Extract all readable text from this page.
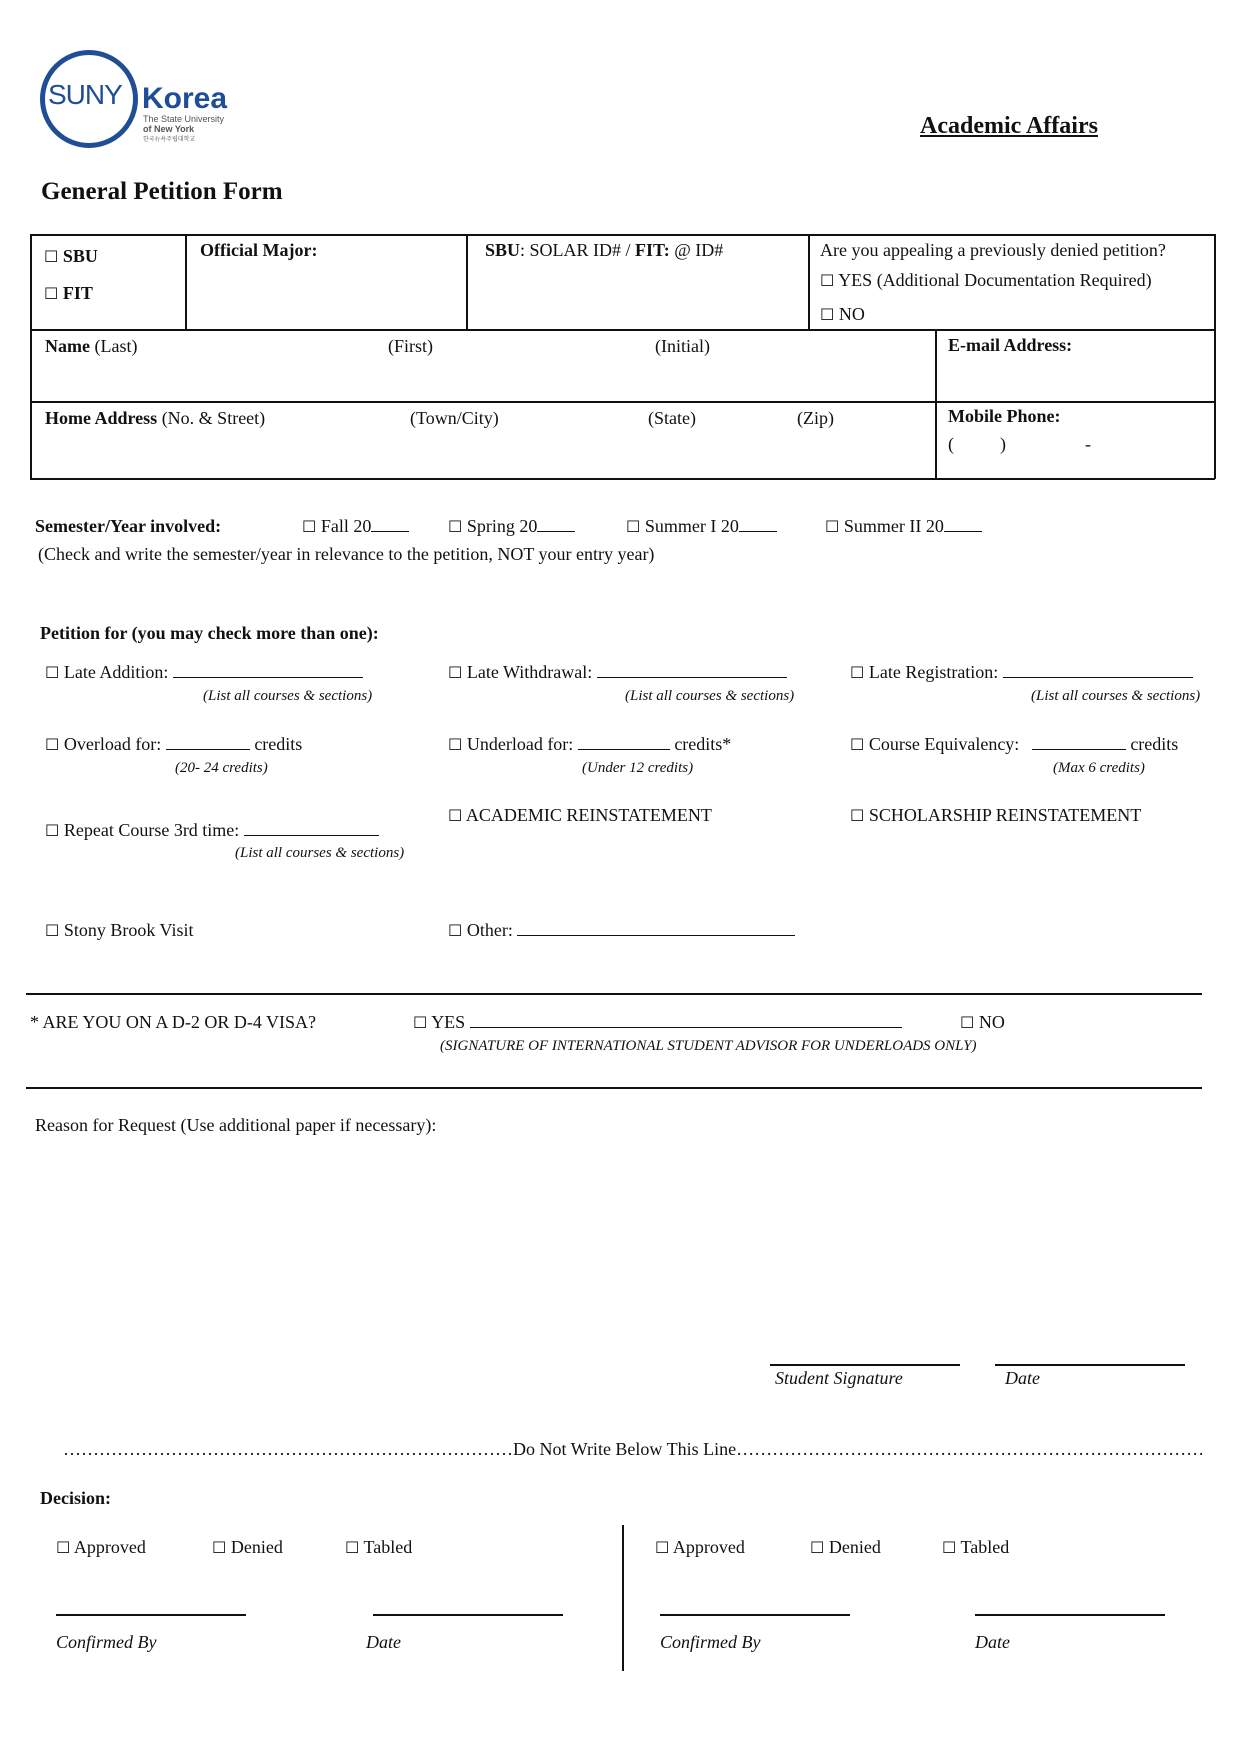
SUNY Korea
The State University
of New York
한국뉴욕주립대학교
Academic Affairs
General Petition Form
☐ SBU
☐ FIT
Official Major:	SBU: SOLAR ID# / FIT: @ ID#	Are you appealing a previously denied petition?
☐ YES (Additional Documentation Required)
☐ NO
Name (Last)	(First)	(Initial)	E-mail Address:
Home Address (No. & Street)	(Town/City)	(State)	(Zip)	Mobile Phone:
(	)	-
Semester/Year involved:	☐ Fall 20	☐ Spring 20	☐ Summer I 20	☐ Summer II 20
(Check and write the semester/year in relevance to the petition, NOT your entry year)
Petition for (you may check more than one):
☐ Late Addition:
(List all courses & sections)
☐ Late Withdrawal:
(List all courses & sections)
☐ Late Registration:
(List all courses & sections)
☐ Overload for:	credits
(20- 24 credits)
☐ Underload for:	credits*
(Under 12 credits)
☐ Course Equivalency:	credits
(Max 6 credits)
☐ Repeat Course 3rd time:
(List all courses & sections)
☐ ACADEMIC REINSTATEMENT	☐ SCHOLARSHIP REINSTATEMENT
☐ Stony Brook Visit	☐ Other:
* ARE YOU ON A D-2 OR D-4 VISA?	☐ YES	☐ NO
(SIGNATURE OF INTERNATIONAL STUDENT ADVISOR FOR UNDERLOADS ONLY)
Reason for Request (Use additional paper if necessary):
Student Signature	Date
…………………………………………………………………Do Not Write Below This Line……………………………………………………………………
Decision:
☐ Approved	☐ Denied	☐ Tabled	☐ Approved	☐ Denied	☐ Tabled
Confirmed By	Date	Confirmed By	Date
